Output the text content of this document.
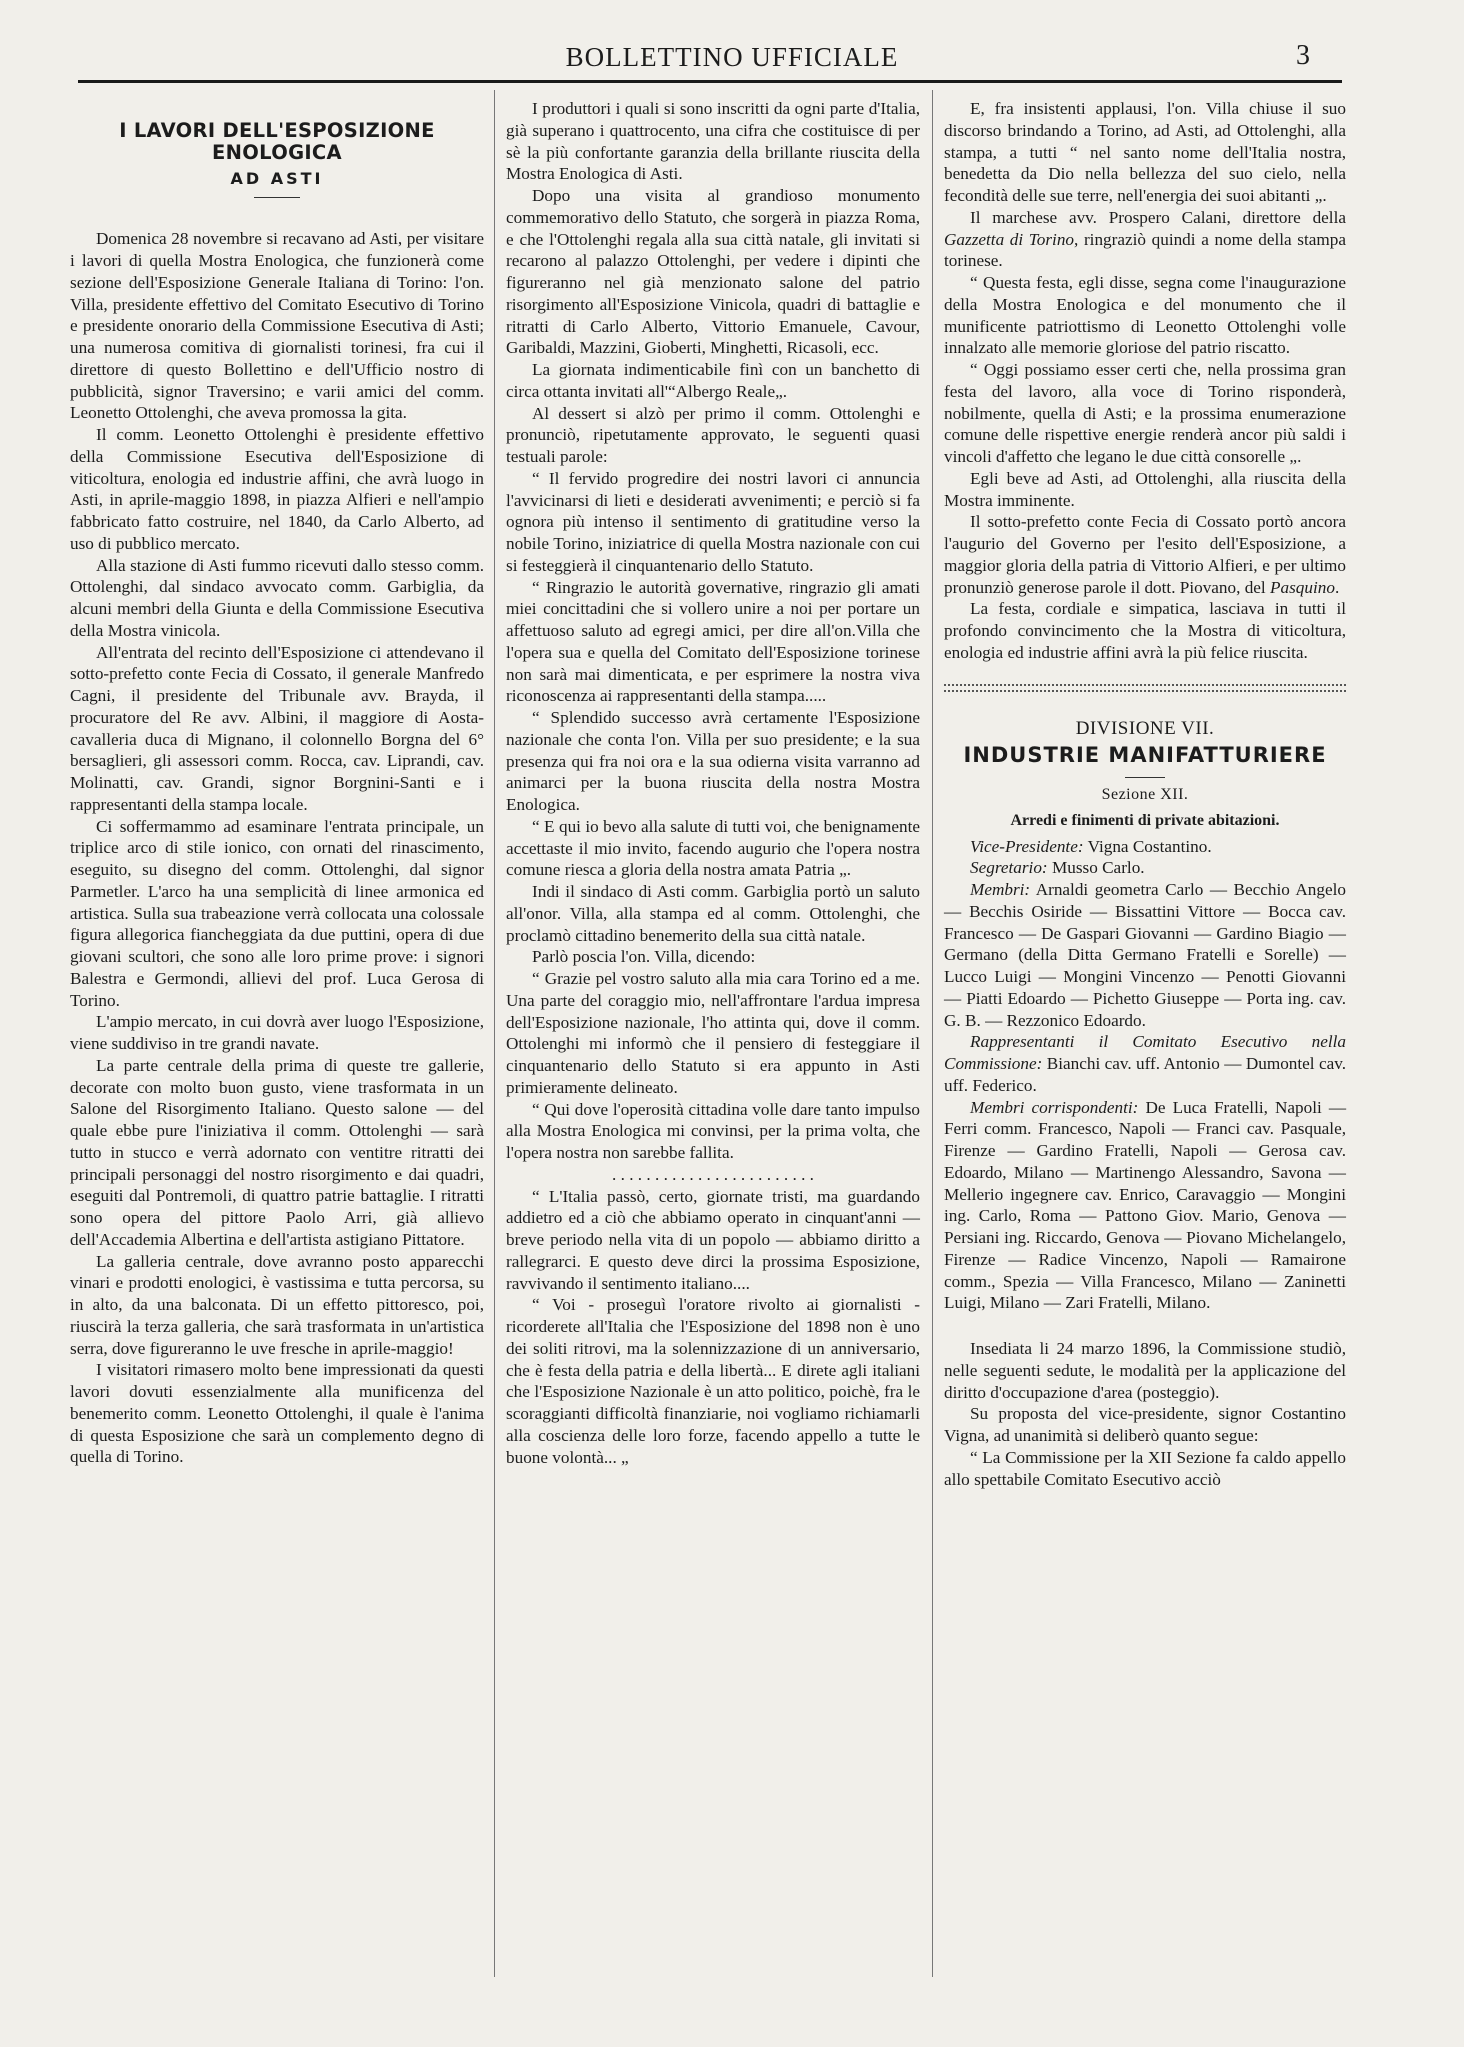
BOLLETTINO UFFICIALE	3
I LAVORI DELL'ESPOSIZIONE ENOLOGICA
AD ASTI

Domenica 28 novembre si recavano ad Asti, per visitare i lavori di quella Mostra Enologica, che funzionerà come sezione dell'Esposizione Generale Italiana di Torino: l'on. Villa, presidente effettivo del Comitato Esecutivo di Torino e presidente onorario della Commissione Esecutiva di Asti; una numerosa comitiva di giornalisti torinesi, fra cui il direttore di questo Bollettino e dell'Ufficio nostro di pubblicità, signor Traversino; e varii amici del comm. Leonetto Ottolenghi, che aveva promossa la gita.

Il comm. Leonetto Ottolenghi è presidente effettivo della Commissione Esecutiva dell'Esposizione di viticoltura, enologia ed industrie affini, che avrà luogo in Asti, in aprile-maggio 1898, in piazza Alfieri e nell'ampio fabbricato fatto costruire, nel 1840, da Carlo Alberto, ad uso di pubblico mercato.

Alla stazione di Asti fummo ricevuti dallo stesso comm. Ottolenghi, dal sindaco avvocato comm. Garbiglia, da alcuni membri della Giunta e della Commissione Esecutiva della Mostra vinicola.

All'entrata del recinto dell'Esposizione ci attendevano il sotto-prefetto conte Fecia di Cossato, il generale Manfredo Cagni, il presidente del Tribunale avv. Brayda, il procuratore del Re avv. Albini, il maggiore di Aosta-cavalleria duca di Mignano, il colonnello Borgna del 6° bersaglieri, gli assessori comm. Rocca, cav. Liprandi, cav. Molinatti, cav. Grandi, signor Borgnini-Santi e i rappresentanti della stampa locale.

Ci soffermammo ad esaminare l'entrata principale, un triplice arco di stile ionico, con ornati del rinascimento, eseguito, su disegno del comm. Ottolenghi, dal signor Parmetler. L'arco ha una semplicità di linee armonica ed artistica. Sulla sua trabeazione verrà collocata una colossale figura allegorica fiancheggiata da due puttini, opera di due giovani scultori, che sono alle loro prime prove: i signori Balestra e Germondi, allievi del prof. Luca Gerosa di Torino.

L'ampio mercato, in cui dovrà aver luogo l'Esposizione, viene suddiviso in tre grandi navate.

La parte centrale della prima di queste tre gallerie, decorate con molto buon gusto, viene trasformata in un Salone del Risorgimento Italiano. Questo salone — del quale ebbe pure l'iniziativa il comm. Ottolenghi — sarà tutto in stucco e verrà adornato con ventitre ritratti dei principali personaggi del nostro risorgimento e dai quadri, eseguiti dal Pontremoli, di quattro patrie battaglie. I ritratti sono opera del pittore Paolo Arri, già allievo dell'Accademia Albertina e dell'artista astigiano Pittatore.

La galleria centrale, dove avranno posto apparecchi vinari e prodotti enologici, è vastissima e tutta percorsa, su in alto, da una balconata. Di un effetto pittoresco, poi, riuscirà la terza galleria, che sarà trasformata in un'artistica serra, dove figureranno le uve fresche in aprile-maggio!

I visitatori rimasero molto bene impressionati da questi lavori dovuti essenzialmente alla munificenza del benemerito comm. Leonetto Ottolenghi, il quale è l'anima di questa Esposizione che sarà un complemento degno di quella di Torino.

I produttori i quali si sono inscritti da ogni parte d'Italia, già superano i quattrocento, una cifra che costituisce di per sè la più confortante garanzia della brillante riuscita della Mostra Enologica di Asti.

Dopo una visita al grandioso monumento commemorativo dello Statuto, che sorgerà in piazza Roma, e che l'Ottolenghi regala alla sua città natale, gli invitati si recarono al palazzo Ottolenghi, per vedere i dipinti che figureranno nel già menzionato salone del patrio risorgimento all'Esposizione Vinicola, quadri di battaglie e ritratti di Carlo Alberto, Vittorio Emanuele, Cavour, Garibaldi, Mazzini, Gioberti, Minghetti, Ricasoli, ecc.

La giornata indimenticabile finì con un banchetto di circa ottanta invitati all'“Albergo Reale„.

Al dessert si alzò per primo il comm. Ottolenghi e pronunciò, ripetutamente approvato, le seguenti quasi testuali parole:

“ Il fervido progredire dei nostri lavori ci annuncia l'avvicinarsi di lieti e desiderati avvenimenti; e perciò si fa ognora più intenso il sentimento di gratitudine verso la nobile Torino, iniziatrice di quella Mostra nazionale con cui si festeggierà il cinquantenario dello Statuto.

“ Ringrazio le autorità governative, ringrazio gli amati miei concittadini che si vollero unire a noi per portare un affettuoso saluto ad egregi amici, per dire all'on.Villa che l'opera sua e quella del Comitato dell'Esposizione torinese non sarà mai dimenticata, e per esprimere la nostra viva riconoscenza ai rappresentanti della stampa.....

“ Splendido successo avrà certamente l'Esposizione nazionale che conta l'on. Villa per suo presidente; e la sua presenza qui fra noi ora e la sua odierna visita varranno ad animarci per la buona riuscita della nostra Mostra Enologica.

“ E qui io bevo alla salute di tutti voi, che benignamente accettaste il mio invito, facendo augurio che l'opera nostra comune riesca a gloria della nostra amata Patria „.

Indi il sindaco di Asti comm. Garbiglia portò un saluto all'onor. Villa, alla stampa ed al comm. Ottolenghi, che proclamò cittadino benemerito della sua città natale.

Parlò poscia l'on. Villa, dicendo:

“ Grazie pel vostro saluto alla mia cara Torino ed a me. Una parte del coraggio mio, nell'affrontare l'ardua impresa dell'Esposizione nazionale, l'ho attinta qui, dove il comm. Ottolenghi mi informò che il pensiero di festeggiare il cinquantenario dello Statuto si era appunto in Asti primieramente delineato.

“ Qui dove l'operosità cittadina volle dare tanto impulso alla Mostra Enologica mi convinsi, per la prima volta, che l'opera nostra non sarebbe fallita.

. . . . . . . . . . . . . . . . . . . . . . . .

“ L'Italia passò, certo, giornate tristi, ma guardando addietro ed a ciò che abbiamo operato in cinquant'anni — breve periodo nella vita di un popolo — abbiamo diritto a rallegrarci. E questo deve dirci la prossima Esposizione, ravvivando il sentimento italiano....

“ Voi - proseguì l'oratore rivolto ai giornalisti - ricorderete all'Italia che l'Esposizione del 1898 non è uno dei soliti ritrovi, ma la solennizzazione di un anniversario, che è festa della patria e della libertà... E direte agli italiani che l'Esposizione Nazionale è un atto politico, poichè, fra le scoraggianti difficoltà finanziarie, noi vogliamo richiamarli alla coscienza delle loro forze, facendo appello a tutte le buone volontà... „

E, fra insistenti applausi, l'on. Villa chiuse il suo discorso brindando a Torino, ad Asti, ad Ottolenghi, alla stampa, a tutti “ nel santo nome dell'Italia nostra, benedetta da Dio nella bellezza del suo cielo, nella fecondità delle sue terre, nell'energia dei suoi abitanti „.

Il marchese avv. Prospero Calani, direttore della Gazzetta di Torino, ringraziò quindi a nome della stampa torinese.

“ Questa festa, egli disse, segna come l'inaugurazione della Mostra Enologica e del monumento che il munificente patriottismo di Leonetto Ottolenghi volle innalzato alle memorie gloriose del patrio riscatto.

“ Oggi possiamo esser certi che, nella prossima gran festa del lavoro, alla voce di Torino risponderà, nobilmente, quella di Asti; e la prossima enumerazione comune delle rispettive energie renderà ancor più saldi i vincoli d'affetto che legano le due città consorelle „.

Egli beve ad Asti, ad Ottolenghi, alla riuscita della Mostra imminente.

Il sotto-prefetto conte Fecia di Cossato portò ancora l'augurio del Governo per l'esito dell'Esposizione, a maggior gloria della patria di Vittorio Alfieri, e per ultimo pronunziò generose parole il dott. Piovano, del Pasquino.

La festa, cordiale e simpatica, lasciava in tutti il profondo convincimento che la Mostra di viticoltura, enologia ed industrie affini avrà la più felice riuscita.

DIVISIONE VII.
INDUSTRIE MANIFATTURIERE
Sezione XII.
Arredi e finimenti di private abitazioni.

Vice-Presidente: Vigna Costantino.

Segretario: Musso Carlo.

Membri: Arnaldi geometra Carlo — Becchio Angelo — Becchis Osiride — Bissattini Vittore — Bocca cav. Francesco — De Gaspari Giovanni — Gardino Biagio — Germano (della Ditta Germano Fratelli e Sorelle) — Lucco Luigi — Mongini Vincenzo — Penotti Giovanni — Piatti Edoardo — Pichetto Giuseppe — Porta ing. cav. G. B. — Rezzonico Edoardo.

Rappresentanti il Comitato Esecutivo nella Commissione: Bianchi cav. uff. Antonio — Dumontel cav. uff. Federico.

Membri corrispondenti: De Luca Fratelli, Napoli — Ferri comm. Francesco, Napoli — Franci cav. Pasquale, Firenze — Gardino Fratelli, Napoli — Gerosa cav. Edoardo, Milano — Martinengo Alessandro, Savona — Mellerio ingegnere cav. Enrico, Caravaggio — Mongini ing. Carlo, Roma — Pattono Giov. Mario, Genova — Persiani ing. Riccardo, Genova — Piovano Michelangelo, Firenze — Radice Vincenzo, Napoli — Ramairone comm., Spezia — Villa Francesco, Milano — Zaninetti Luigi, Milano — Zari Fratelli, Milano.

Insediata li 24 marzo 1896, la Commissione studiò, nelle seguenti sedute, le modalità per la applicazione del diritto d'occupazione d'area (posteggio).

Su proposta del vice-presidente, signor Costantino Vigna, ad unanimità si deliberò quanto segue:

“ La Commissione per la XII Sezione fa caldo appello allo spettabile Comitato Esecutivo acciò
